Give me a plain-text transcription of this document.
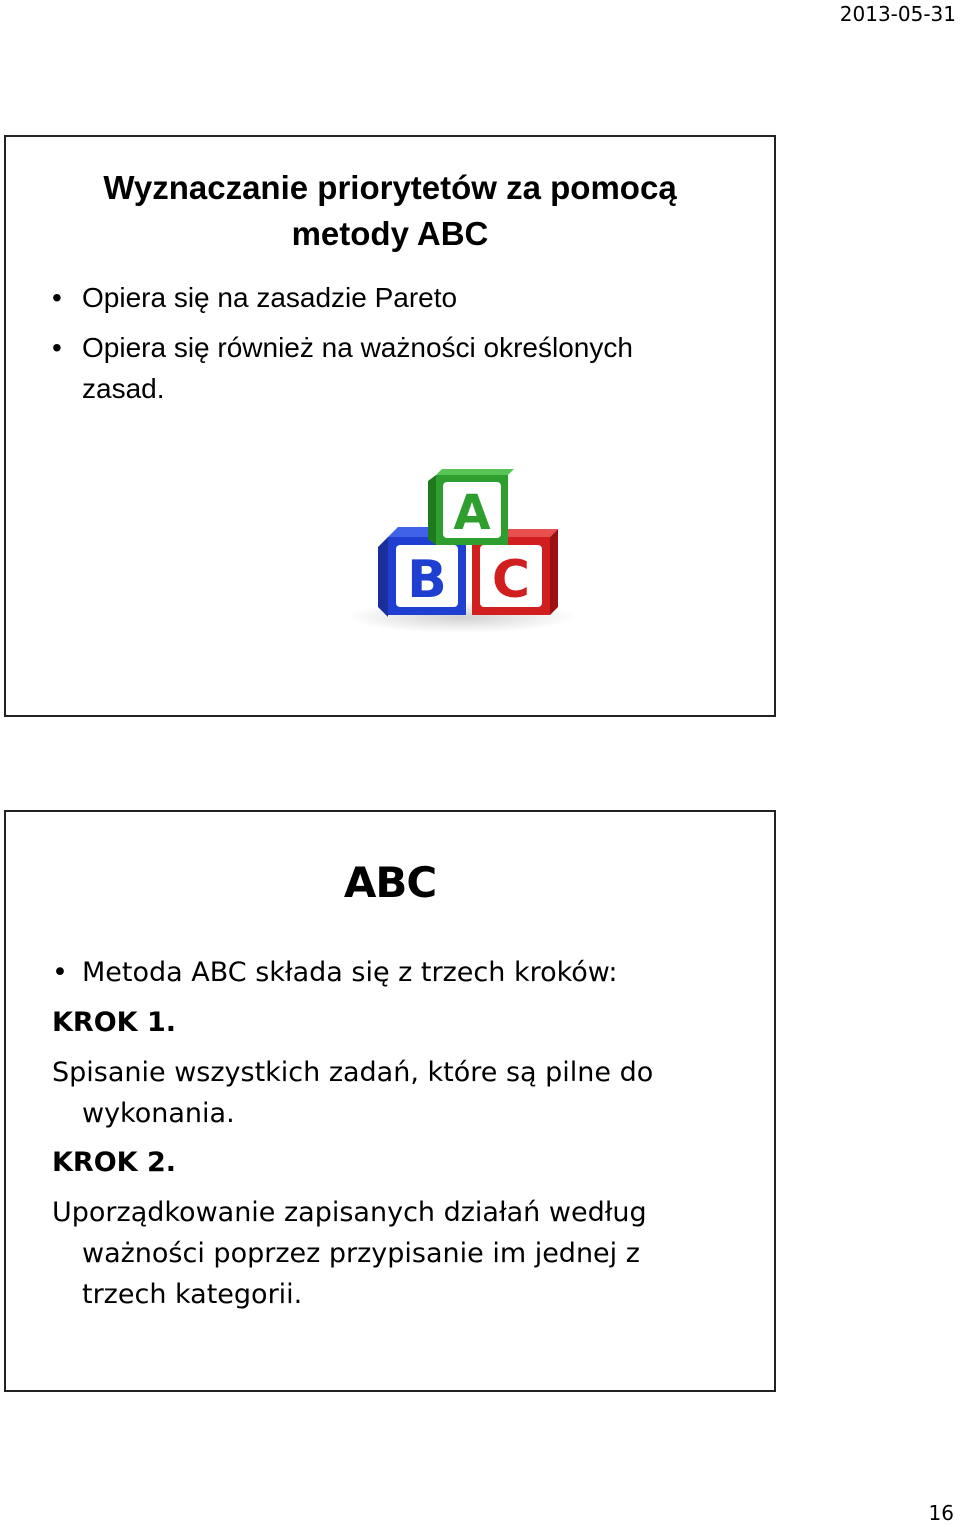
2013-05-31
Wyznaczanie priorytetów za pomocą
metody ABC
• Opiera się na zasadzie Pareto
• Opiera się również na ważności określonych
zasad.
B C
A
ABC
• Metoda ABC składa się z trzech kroków:
KROK 1.
Spisanie wszystkich zadań, które są pilne do
wykonania.
KROK 2.
Uporządkowanie zapisanych działań według
ważności poprzez przypisanie im jednej z
trzech kategorii.
16
